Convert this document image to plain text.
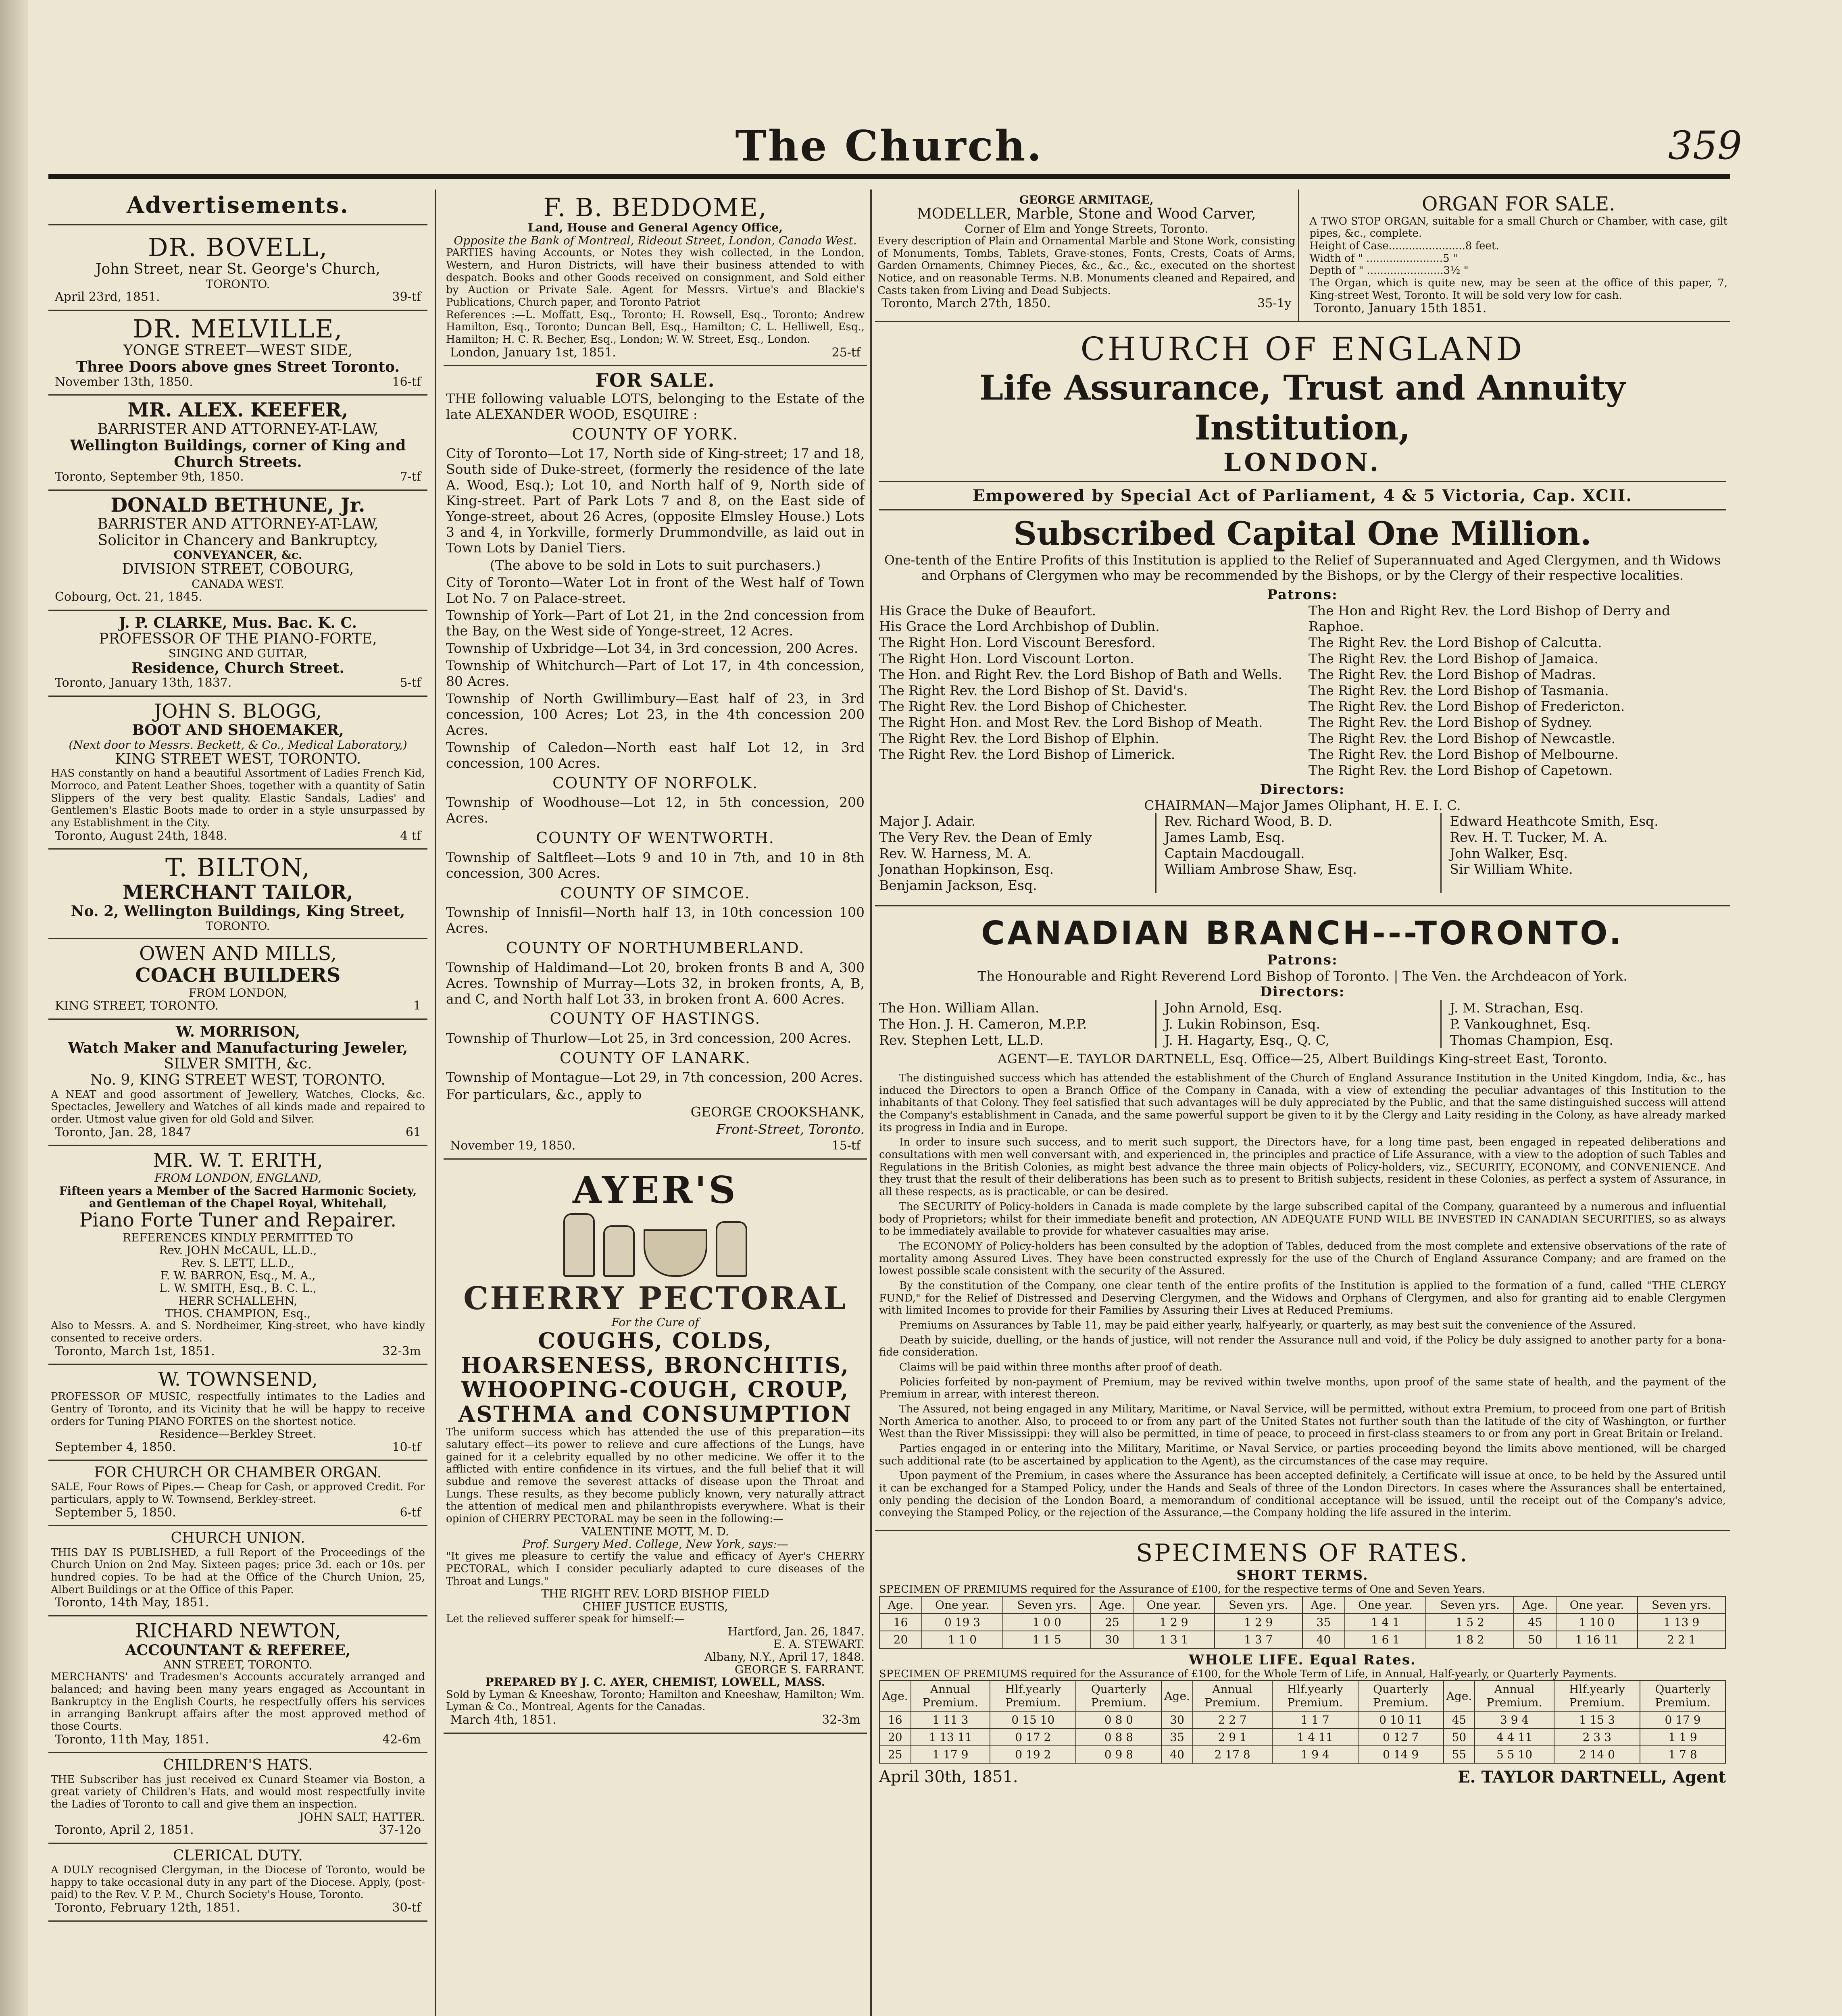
The Church.	359
Advertisements.
DR. BOVELL,
John Street, near St. George's Church,
TORONTO.
April 23rd, 1851.	39-tf
DR. MELVILLE,
YONGE STREET—WEST SIDE,
Three Doors above gnes Street Toronto.
November 13th, 1850.	16-tf
MR. ALEX. KEEFER,
BARRISTER AND ATTORNEY-AT-LAW,
Wellington Buildings, corner of King and
Church Streets.
Toronto, September 9th, 1850.	7-tf
DONALD BETHUNE, Jr.
BARRISTER AND ATTORNEY-AT-LAW,
Solicitor in Chancery and Bankruptcy,
CONVEYANCER, &c.
DIVISION STREET, COBOURG,
CANADA WEST.
Cobourg, Oct. 21, 1845.
J. P. CLARKE, Mus. Bac. K. C.
PROFESSOR OF THE PIANO-FORTE,
SINGING AND GUITAR,
Residence, Church Street.
Toronto, January 13th, 1837.	5-tf
JOHN S. BLOGG,
BOOT AND SHOEMAKER,
(Next door to Messrs. Beckett, & Co., Medical Laboratory,)
KING STREET WEST, TORONTO.
HAS constantly on hand a beautiful Assortment of Ladies French Kid, Morroco, and Patent Leather Shoes, together with a quantity of Satin Slippers of the very best quality. Elastic Sandals, Ladies' and Gentlemen's Elastic Boots made to order in a style unsurpassed by any Establishment in the City.
Toronto, August 24th, 1848.	4 tf
T. BILTON,
MERCHANT TAILOR,
No. 2, Wellington Buildings, King Street,
TORONTO.
OWEN AND MILLS,
COACH BUILDERS
FROM LONDON,
KING STREET, TORONTO.	1
W. MORRISON,
Watch Maker and Manufacturing Jeweler,
SILVER SMITH, &c.
No. 9, KING STREET WEST, TORONTO.
A NEAT and good assortment of Jewellery, Watches, Clocks, &c. Spectacles, Jewellery and Watches of all kinds made and repaired to order. Utmost value given for old Gold and Silver.
Toronto, Jan. 28, 1847	61
MR. W. T. ERITH,
FROM LONDON, ENGLAND,
Fifteen years a Member of the Sacred Harmonic Society, and Gentleman of the Chapel Royal, Whitehall,
Piano Forte Tuner and Repairer.
REFERENCES KINDLY PERMITTED TO
Rev. JOHN McCAUL, LL.D.,
Rev. S. LETT, LL.D.,
F. W. BARRON, Esq., M. A.,
L. W. SMITH, Esq., B. C. L.,
HERR SCHALLEHN,
THOS. CHAMPION, Esq.,
Also to Messrs. A. and S. Nordheimer, King-street, who have kindly consented to receive orders.
Toronto, March 1st, 1851.	32-3m
W. TOWNSEND,
PROFESSOR OF MUSIC, respectfully intimates to the Ladies and Gentry of Toronto, and its Vicinity that he will be happy to receive orders for Tuning PIANO FORTES on the shortest notice.
Residence—Berkley Street.
September 4, 1850.	10-tf
FOR CHURCH OR CHAMBER ORGAN.
SALE, Four Rows of Pipes.— Cheap for Cash, or approved Credit. For particulars, apply to W. Townsend, Berkley-street.
September 5, 1850.	6-tf
CHURCH UNION.
THIS DAY IS PUBLISHED, a full Report of the Proceedings of the Church Union on 2nd May. Sixteen pages; price 3d. each or 10s. per hundred copies. To be had at the Office of the Church Union, 25, Albert Buildings or at the Office of this Paper.
Toronto, 14th May, 1851.
RICHARD NEWTON,
ACCOUNTANT & REFEREE,
ANN STREET, TORONTO.
MERCHANTS' and Tradesmen's Accounts accurately arranged and balanced; and having been many years engaged as Accountant in Bankruptcy in the English Courts, he respectfully offers his services in arranging Bankrupt affairs after the most approved method of those Courts.
Toronto, 11th May, 1851.	42-6m
CHILDREN'S HATS.
THE Subscriber has just received ex Cunard Steamer via Boston, a great variety of Children's Hats, and would most respectfully invite the Ladies of Toronto to call and give them an inspection.
JOHN SALT, HATTER.
Toronto, April 2, 1851.	37-12o
CLERICAL DUTY.
A DULY recognised Clergyman, in the Diocese of Toronto, would be happy to take occasional duty in any part of the Diocese. Apply, (post-paid) to the Rev. V. P. M., Church Society's House, Toronto.
Toronto, February 12th, 1851.	30-tf
F. B. BEDDOME,
Land, House and General Agency Office,
Opposite the Bank of Montreal, Rideout Street, London, Canada West.
PARTIES having Accounts, or Notes they wish collected, in the London, Western, and Huron Districts, will have their business attended to with despatch. Books and other Goods received on consignment, and Sold either by Auction or Private Sale. Agent for Messrs. Virtue's and Blackie's Publications, Church paper, and Toronto Patriot
References :—L. Moffatt, Esq., Toronto; H. Rowsell, Esq., Toronto; Andrew Hamilton, Esq., Toronto; Duncan Bell, Esq., Hamilton; C. L. Helliwell, Esq., Hamilton; H. C. R. Becher, Esq., London; W. W. Street, Esq., London.
London, January 1st, 1851.	25-tf
FOR SALE.
THE following valuable LOTS, belonging to the Estate of the late ALEXANDER WOOD, ESQUIRE :
COUNTY OF YORK.
City of Toronto—Lot 17, North side of King-street; 17 and 18, South side of Duke-street, (formerly the residence of the late A. Wood, Esq.); Lot 10, and North half of 9, North side of King-street. Part of Park Lots 7 and 8, on the East side of Yonge-street, about 26 Acres, (opposite Elmsley House.) Lots 3 and 4, in Yorkville, formerly Drummondville, as laid out in Town Lots by Daniel Tiers.
(The above to be sold in Lots to suit purchasers.)
City of Toronto—Water Lot in front of the West half of Town Lot No. 7 on Palace-street.
Township of York—Part of Lot 21, in the 2nd concession from the Bay, on the West side of Yonge-street, 12 Acres.
Township of Uxbridge—Lot 34, in 3rd concession, 200 Acres.
Township of Whitchurch—Part of Lot 17, in 4th concession, 80 Acres.
Township of North Gwillimbury—East half of 23, in 3rd concession, 100 Acres; Lot 23, in the 4th concession 200 Acres.
Township of Caledon—North east half Lot 12, in 3rd concession, 100 Acres.
COUNTY OF NORFOLK.
Township of Woodhouse—Lot 12, in 5th concession, 200 Acres.
COUNTY OF WENTWORTH.
Township of Saltfleet—Lots 9 and 10 in 7th, and 10 in 8th concession, 300 Acres.
COUNTY OF SIMCOE.
Township of Innisfil—North half 13, in 10th concession 100 Acres.
COUNTY OF NORTHUMBERLAND.
Township of Haldimand—Lot 20, broken fronts B and A, 300 Acres. Township of Murray—Lots 32, in broken fronts, A, B, and C, and North half Lot 33, in broken front A. 600 Acres.
COUNTY OF HASTINGS.
Township of Thurlow—Lot 25, in 3rd concession, 200 Acres.
COUNTY OF LANARK.
Township of Montague—Lot 29, in 7th concession, 200 Acres.
For particulars, &c., apply to
GEORGE CROOKSHANK,
Front-Street, Toronto.
November 19, 1850.	15-tf
AYER'S

CHERRY PECTORAL
For the Cure of
COUGHS, COLDS, HOARSENESS, BRONCHITIS, WHOOPING-COUGH, CROUP, ASTHMA and CONSUMPTION
The uniform success which has attended the use of this preparation—its salutary effect—its power to relieve and cure affections of the Lungs, have gained for it a celebrity equalled by no other medicine. We offer it to the afflicted with entire confidence in its virtues, and the full belief that it will subdue and remove the severest attacks of disease upon the Throat and Lungs. These results, as they become publicly known, very naturally attract the attention of medical men and philanthropists everywhere. What is their opinion of CHERRY PECTORAL may be seen in the following:—
VALENTINE MOTT, M. D.
Prof. Surgery Med. College, New York, says:—
"It gives me pleasure to certify the value and efficacy of Ayer's CHERRY PECTORAL, which I consider peculiarly adapted to cure diseases of the Throat and Lungs."
THE RIGHT REV. LORD BISHOP FIELD
CHIEF JUSTICE EUSTIS,
Let the relieved sufferer speak for himself:—
Hartford, Jan. 26, 1847.
E. A. STEWART.
Albany, N.Y., April 17, 1848.
GEORGE S. FARRANT.
PREPARED BY J. C. AYER, CHEMIST, LOWELL, MASS.
Sold by Lyman & Kneeshaw, Toronto; Hamilton and Kneeshaw, Hamilton; Wm. Lyman & Co., Montreal, Agents for the Canadas.
March 4th, 1851.	32-3m
GEORGE ARMITAGE,
MODELLER, Marble, Stone and Wood Carver,
Corner of Elm and Yonge Streets, Toronto.
Every description of Plain and Ornamental Marble and Stone Work, consisting of Monuments, Tombs, Tablets, Grave-stones, Fonts, Crests, Coats of Arms, Garden Ornaments, Chimney Pieces, &c., &c., &c., executed on the shortest Notice, and on reasonable Terms. N.B. Monuments cleaned and Repaired, and Casts taken from Living and Dead Subjects.
Toronto, March 27th, 1850.	35-1y
ORGAN FOR SALE.
A TWO STOP ORGAN, suitable for a small Church or Chamber, with case, gilt pipes, &c., complete.
Height of Case.......................8 feet.
Width of " .......................5 "
Depth of " .......................3½ "
The Organ, which is quite new, may be seen at the office of this paper, 7, King-street West, Toronto. It will be sold very low for cash.
Toronto, January 15th 1851.
CHURCH OF ENGLAND
Life Assurance, Trust and Annuity Institution,
LONDON.
Empowered by Special Act of Parliament, 4 & 5 Victoria, Cap. XCII.
Subscribed Capital One Million.
One-tenth of the Entire Profits of this Institution is applied to the Relief of Superannuated and Aged Clergymen, and th Widows and Orphans of Clergymen who may be recommended by the Bishops, or by the Clergy of their respective localities.
Patrons:
His Grace the Duke of Beaufort.
His Grace the Lord Archbishop of Dublin.
The Right Hon. Lord Viscount Beresford.
The Right Hon. Lord Viscount Lorton.
The Hon. and Right Rev. the Lord Bishop of Bath and Wells.
The Right Rev. the Lord Bishop of St. David's.
The Right Rev. the Lord Bishop of Chichester.
The Right Hon. and Most Rev. the Lord Bishop of Meath.
The Right Rev. the Lord Bishop of Elphin.
The Right Rev. the Lord Bishop of Limerick.
The Hon and Right Rev. the Lord Bishop of Derry and Raphoe.
The Right Rev. the Lord Bishop of Calcutta.
The Right Rev. the Lord Bishop of Jamaica.
The Right Rev. the Lord Bishop of Madras.
The Right Rev. the Lord Bishop of Tasmania.
The Right Rev. the Lord Bishop of Fredericton.
The Right Rev. the Lord Bishop of Sydney.
The Right Rev. the Lord Bishop of Newcastle.
The Right Rev. the Lord Bishop of Melbourne.
The Right Rev. the Lord Bishop of Capetown.
Directors:
CHAIRMAN—Major James Oliphant, H. E. I. C.
Major J. Adair.
The Very Rev. the Dean of Emly
Rev. W. Harness, M. A.
Jonathan Hopkinson, Esq.
Benjamin Jackson, Esq.
Rev. Richard Wood, B. D.
James Lamb, Esq.
Captain Macdougall.
William Ambrose Shaw, Esq.
Edward Heathcote Smith, Esq.
Rev. H. T. Tucker, M. A.
John Walker, Esq.
Sir William White.
CANADIAN BRANCH---TORONTO.
Patrons:
The Honourable and Right Reverend Lord Bishop of Toronto. | The Ven. the Archdeacon of York.
Directors:
The Hon. William Allan.
The Hon. J. H. Cameron, M.P.P.
Rev. Stephen Lett, LL.D.
John Arnold, Esq.
J. Lukin Robinson, Esq.
J. H. Hagarty, Esq., Q. C,
J. M. Strachan, Esq.
P. Vankoughnet, Esq.
Thomas Champion, Esq.
AGENT—E. TAYLOR DARTNELL, Esq. Office—25, Albert Buildings King-street East, Toronto.

The distinguished success which has attended the establishment of the Church of England Assurance Institution in the United Kingdom, India, &c., has induced the Directors to open a Branch Office of the Company in Canada, with a view of extending the peculiar advantages of this Institution to the inhabitants of that Colony. They feel satisfied that such advantages will be duly appreciated by the Public, and that the same distinguished success will attend the Company's establishment in Canada, and the same powerful support be given to it by the Clergy and Laity residing in the Colony, as have already marked its progress in India and in Europe.

In order to insure such success, and to merit such support, the Directors have, for a long time past, been engaged in repeated deliberations and consultations with men well conversant with, and experienced in, the principles and practice of Life Assurance, with a view to the adoption of such Tables and Regulations in the British Colonies, as might best advance the three main objects of Policy-holders, viz., SECURITY, ECONOMY, and CONVENIENCE. And they trust that the result of their deliberations has been such as to present to British subjects, resident in these Colonies, as perfect a system of Assurance, in all these respects, as is practicable, or can be desired.

The SECURITY of Policy-holders in Canada is made complete by the large subscribed capital of the Company, guaranteed by a numerous and influential body of Proprietors; whilst for their immediate benefit and protection, AN ADEQUATE FUND WILL BE INVESTED IN CANADIAN SECURITIES, so as always to be immediately available to provide for whatever casualties may arise.

The ECONOMY of Policy-holders has been consulted by the adoption of Tables, deduced from the most complete and extensive observations of the rate of mortality among Assured Lives. They have been constructed expressly for the use of the Church of England Assurance Company; and are framed on the lowest possible scale consistent with the security of the Assured.

By the constitution of the Company, one clear tenth of the entire profits of the Institution is applied to the formation of a fund, called "THE CLERGY FUND," for the Relief of Distressed and Deserving Clergymen, and the Widows and Orphans of Clergymen, and also for granting aid to enable Clergymen with limited Incomes to provide for their Families by Assuring their Lives at Reduced Premiums.

Premiums on Assurances by Table 11, may be paid either yearly, half-yearly, or quarterly, as may best suit the convenience of the Assured.

Death by suicide, duelling, or the hands of justice, will not render the Assurance null and void, if the Policy be duly assigned to another party for a bona-fide consideration.

Claims will be paid within three months after proof of death.

Policies forfeited by non-payment of Premium, may be revived within twelve months, upon proof of the same state of health, and the payment of the Premium in arrear, with interest thereon.

The Assured, not being engaged in any Military, Maritime, or Naval Service, will be permitted, without extra Premium, to proceed from one part of British North America to another. Also, to proceed to or from any part of the United States not further south than the latitude of the city of Washington, or further West than the River Mississippi: they will also be permitted, in time of peace, to proceed in first-class steamers to or from any port in Great Britain or Ireland.

Parties engaged in or entering into the Military, Maritime, or Naval Service, or parties proceeding beyond the limits above mentioned, will be charged such additional rate (to be ascertained by application to the Agent), as the circumstances of the case may require.

Upon payment of the Premium, in cases where the Assurance has been accepted definitely, a Certificate will issue at once, to be held by the Assured until it can be exchanged for a Stamped Policy, under the Hands and Seals of three of the London Directors. In cases where the Assurances shall be entertained, only pending the decision of the London Board, a memorandum of conditional acceptance will be issued, until the receipt out of the Company's advice, conveying the Stamped Policy, or the rejection of the Assurance,—the Company holding the life assured in the interim.

SPECIMENS OF RATES.
SHORT TERMS.
SPECIMEN OF PREMIUMS required for the Assurance of £100, for the respective terms of One and Seven Years.
Age.	One year.	Seven yrs.	Age.	One year.	Seven yrs.	Age.	One year.	Seven yrs.	Age.	One year.	Seven yrs.
16	0 19 3	1 0 0	25	1 2 9	1 2 9	35	1 4 1	1 5 2	45	1 10 0	1 13 9
20	1 1 0	1 1 5	30	1 3 1	1 3 7	40	1 6 1	1 8 2	50	1 16 11	2 2 1
WHOLE LIFE. Equal Rates.
SPECIMEN OF PREMIUMS required for the Assurance of £100, for the Whole Term of Life, in Annual, Half-yearly, or Quarterly Payments.
Age.	Annual Premium.	Hlf.yearly Premium.	Quarterly Premium.	Age.	Annual Premium.	Hlf.yearly Premium.	Quarterly Premium.	Age.	Annual Premium.	Hlf.yearly Premium.	Quarterly Premium.
16	1 11 3	0 15 10	0 8 0	30	2 2 7	1 1 7	0 10 11	45	3 9 4	1 15 3	0 17 9
20	1 13 11	0 17 2	0 8 8	35	2 9 1	1 4 11	0 12 7	50	4 4 11	2 3 3	1 1 9
25	1 17 9	0 19 2	0 9 8	40	2 17 8	1 9 4	0 14 9	55	5 5 10	2 14 0	1 7 8
April 30th, 1851.	E. TAYLOR DARTNELL, Agent
